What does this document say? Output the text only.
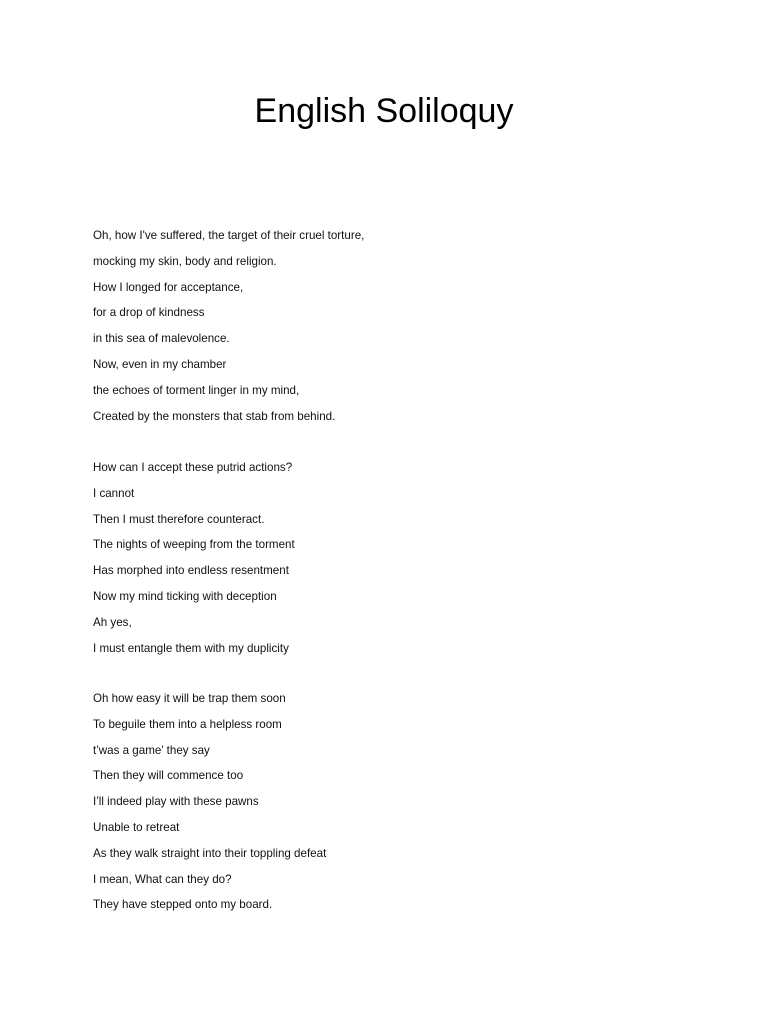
English Soliloquy
Oh, how I've suffered, the target of their cruel torture,
mocking my skin, body and religion.
How I longed for acceptance,
for a drop of kindness
in this sea of malevolence.
Now, even in my chamber
the echoes of torment linger in my mind,
Created by the monsters that stab from behind.
How can I accept these putrid actions?
I cannot
Then I must therefore counteract.
The nights of weeping from the torment
Has morphed into endless resentment
Now my mind ticking with deception
Ah yes,
I must entangle them with my duplicity
Oh how easy it will be trap them soon
To beguile them into a helpless room
t’was a game’ they say
Then they will commence too
I’ll indeed play with these pawns
Unable to retreat
As they walk straight into their toppling defeat
I mean, What can they do?
They have stepped onto my board.
